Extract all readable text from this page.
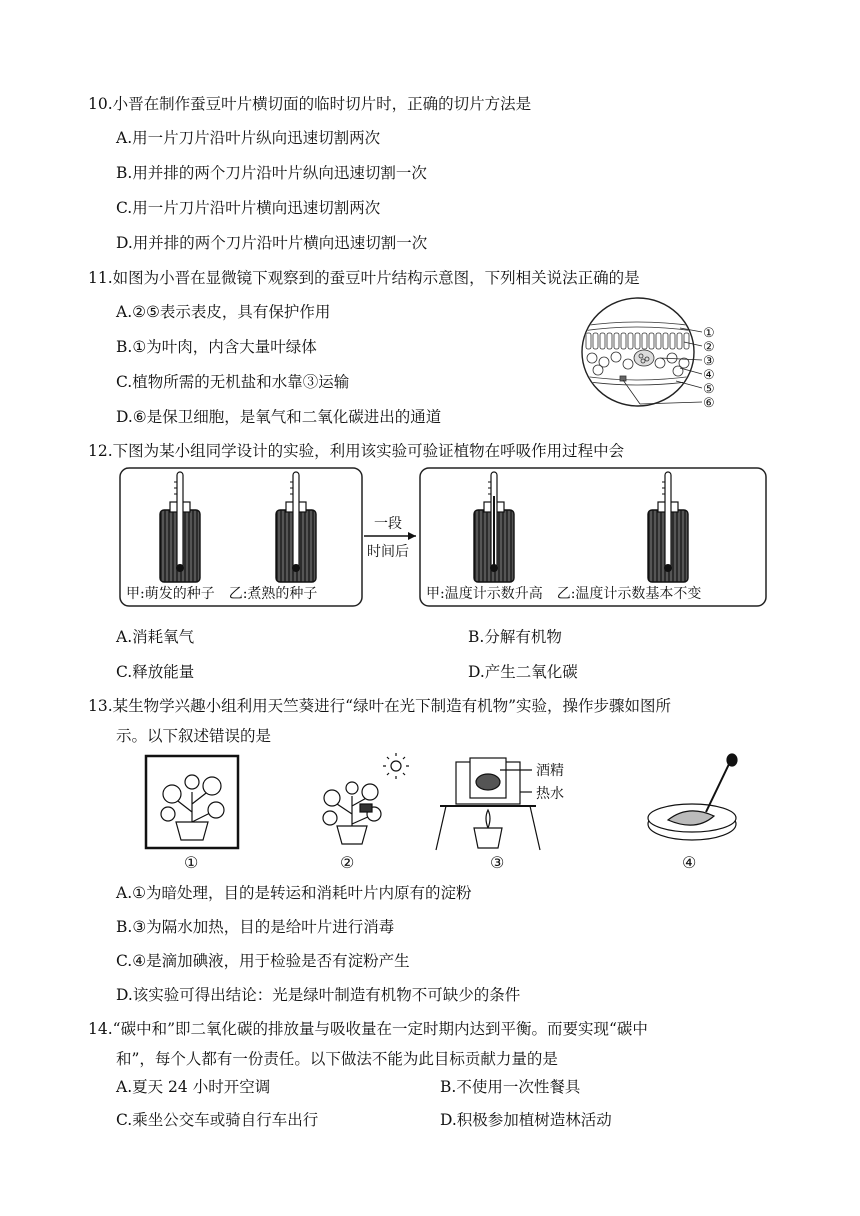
10.小晋在制作蚕豆叶片横切面的临时切片时，正确的切片方法是
A.用一片刀片沿叶片纵向迅速切割两次
B.用并排的两个刀片沿叶片纵向迅速切割一次
C.用一片刀片沿叶片横向迅速切割两次
D.用并排的两个刀片沿叶片横向迅速切割一次
11.如图为小晋在显微镜下观察到的蚕豆叶片结构示意图，下列相关说法正确的是
A.②⑤表示表皮，具有保护作用
B.①为叶肉，内含大量叶绿体
C.植物所需的无机盐和水靠③运输
D.⑥是保卫细胞，是氧气和二氧化碳进出的通道
①
②
③
④
⑤
⑥
12.下图为某小组同学设计的实验，利用该实验可验证植物在呼吸作用过程中会
一段
时间后
甲:萌发的种子　乙:煮熟的种子	甲:温度计示数升高　乙:温度计示数基本不变
A.消耗氧气	B.分解有机物
C.释放能量	D.产生二氧化碳
13.某生物学兴趣小组利用天竺葵进行“绿叶在光下制造有机物”实验，操作步骤如图所
示。以下叙述错误的是
①	②
酒精
热水
③	④
A.①为暗处理，目的是转运和消耗叶片内原有的淀粉
B.③为隔水加热，目的是给叶片进行消毒
C.④是滴加碘液，用于检验是否有淀粉产生
D.该实验可得出结论：光是绿叶制造有机物不可缺少的条件
14.“碳中和”即二氧化碳的排放量与吸收量在一定时期内达到平衡。而要实现“碳中
和”，每个人都有一份责任。以下做法不能为此目标贡献力量的是
A.夏天 24 小时开空调	B.不使用一次性餐具
C.乘坐公交车或骑自行车出行	D.积极参加植树造林活动
